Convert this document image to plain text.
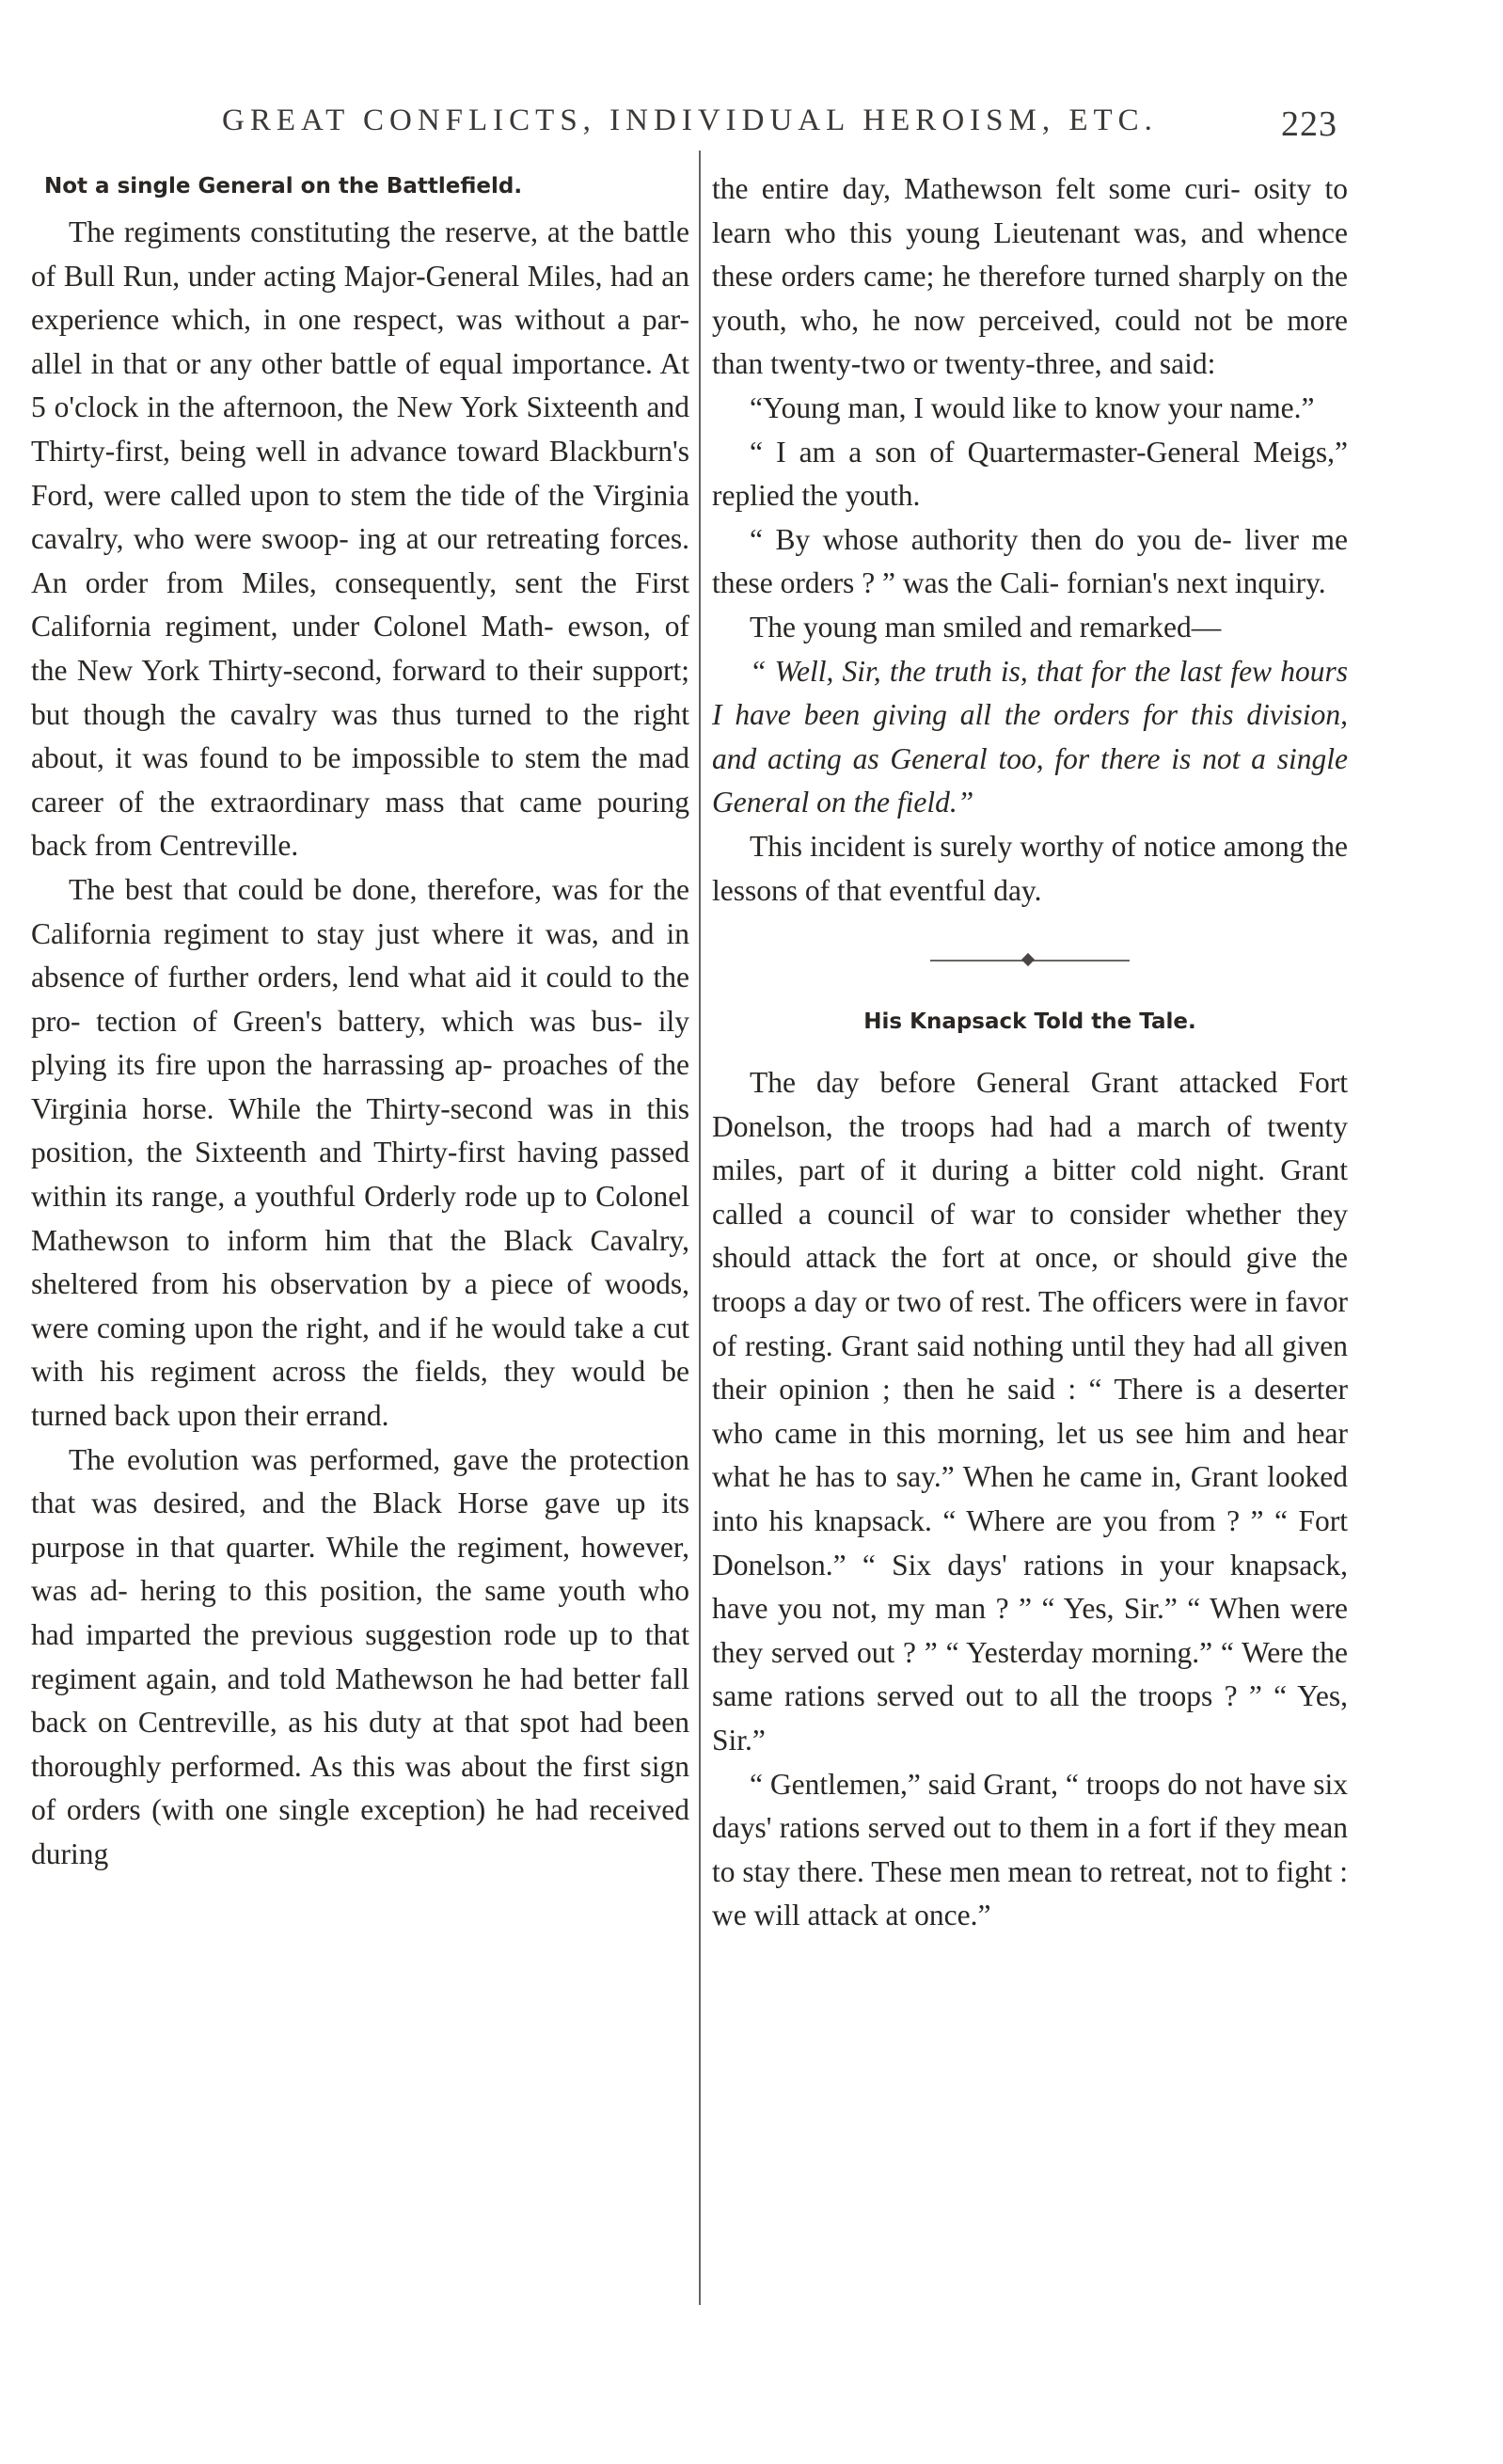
GREAT CONFLICTS, INDIVIDUAL HEROISM, ETC.	223
Not a single General on the Battlefield.

The regiments constituting the reserve, at the battle of Bull Run, under acting Major-General Miles, had an experience which, in one respect, was without a par- allel in that or any other battle of equal importance. At 5 o'clock in the afternoon, the New York Sixteenth and Thirty-first, being well in advance toward Blackburn's Ford, were called upon to stem the tide of the Virginia cavalry, who were swoop- ing at our retreating forces. An order from Miles, consequently, sent the First California regiment, under Colonel Math- ewson, of the New York Thirty-second, forward to their support; but though the cavalry was thus turned to the right about, it was found to be impossible to stem the mad career of the extraordinary mass that came pouring back from Centreville.

The best that could be done, therefore, was for the California regiment to stay just where it was, and in absence of further orders, lend what aid it could to the pro- tection of Green's battery, which was bus- ily plying its fire upon the harrassing ap- proaches of the Virginia horse. While the Thirty-second was in this position, the Sixteenth and Thirty-first having passed within its range, a youthful Orderly rode up to Colonel Mathewson to inform him that the Black Cavalry, sheltered from his observation by a piece of woods, were coming upon the right, and if he would take a cut with his regiment across the fields, they would be turned back upon their errand.

The evolution was performed, gave the protection that was desired, and the Black Horse gave up its purpose in that quarter. While the regiment, however, was ad- hering to this position, the same youth who had imparted the previous suggestion rode up to that regiment again, and told Mathewson he had better fall back on Centreville, as his duty at that spot had been thoroughly performed. As this was about the first sign of orders (with one single exception) he had received during

the entire day, Mathewson felt some curi- osity to learn who this young Lieutenant was, and whence these orders came; he therefore turned sharply on the youth, who, he now perceived, could not be more than twenty-two or twenty-three, and said:

“Young man, I would like to know your name.”

“ I am a son of Quartermaster-General Meigs,” replied the youth.

“ By whose authority then do you de- liver me these orders ? ” was the Cali- fornian's next inquiry.

The young man smiled and remarked—

“ Well, Sir, the truth is, that for the last few hours I have been giving all the orders for this division, and acting as General too, for there is not a single General on the field.”

This incident is surely worthy of notice among the lessons of that eventful day.

His Knapsack Told the Tale.

The day before General Grant attacked Fort Donelson, the troops had had a march of twenty miles, part of it during a bitter cold night. Grant called a council of war to consider whether they should attack the fort at once, or should give the troops a day or two of rest. The officers were in favor of resting. Grant said nothing until they had all given their opinion ; then he said : “ There is a deserter who came in this morning, let us see him and hear what he has to say.” When he came in, Grant looked into his knapsack. “ Where are you from ? ” “ Fort Donelson.” “ Six days' rations in your knapsack, have you not, my man ? ” “ Yes, Sir.” “ When were they served out ? ” “ Yesterday morning.” “ Were the same rations served out to all the troops ? ” “ Yes, Sir.”

“ Gentlemen,” said Grant, “ troops do not have six days' rations served out to them in a fort if they mean to stay there. These men mean to retreat, not to fight : we will attack at once.”
